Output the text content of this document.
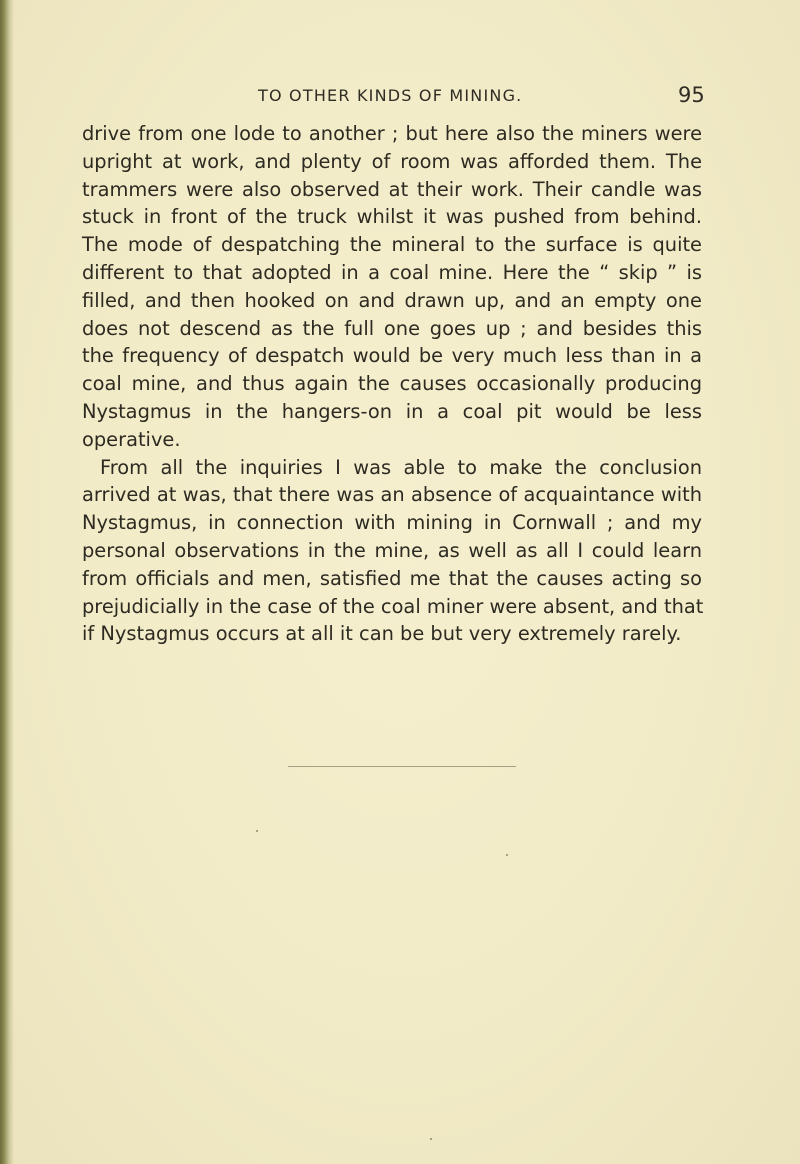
TO OTHER KINDS OF MINING.	95
drive from one lode to another ; but here also the miners were
upright at work, and plenty of room was afforded them. The
trammers were also observed at their work. Their candle was
stuck in front of the truck whilst it was pushed from behind.
The mode of despatching the mineral to the surface is quite
different to that adopted in a coal mine. Here the “ skip ” is
filled, and then hooked on and drawn up, and an empty one
does not descend as the full one goes up ; and besides this
the frequency of despatch would be very much less than in a
coal mine, and thus again the causes occasionally producing
Nystagmus in the hangers-on in a coal pit would be less
operative.
From all the inquiries I was able to make the conclusion
arrived at was, that there was an absence of acquaintance with
Nystagmus, in connection with mining in Cornwall ; and my
personal observations in the mine, as well as all I could learn
from officials and men, satisfied me that the causes acting so
prejudicially in the case of the coal miner were absent, and that
if Nystagmus occurs at all it can be but very extremely rarely.
